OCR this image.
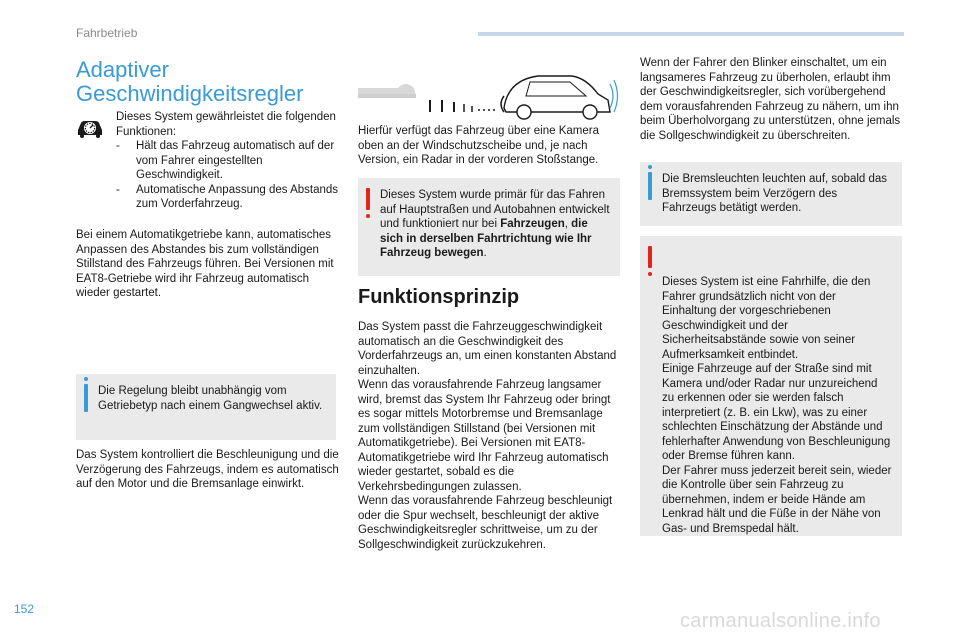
Fahrbetrieb
Adaptiver Geschwindigkeitsregler

Dieses System gewährleistet die folgenden Funktionen:

- Hält das Fahrzeug automatisch auf der vom Fahrer eingestellten Geschwindigkeit.
- Automatische Anpassung des Abstands zum Vorderfahrzeug.

Bei einem Automatikgetriebe kann, automatisches Anpassen des Abstandes bis zum vollständigen Stillstand des Fahrzeugs führen. Bei Versionen mit EAT8-Getriebe wird ihr Fahrzeug automatisch wieder gestartet.

Die Regelung bleibt unabhängig vom Getriebetyp nach einem Gangwechsel aktiv.

Das System kontrolliert die Beschleunigung und die Verzögerung des Fahrzeugs, indem es automatisch auf den Motor und die Bremsanlage einwirkt.

Hierfür verfügt das Fahrzeug über eine Kamera oben an der Windschutzscheibe und, je nach Version, ein Radar in der vorderen Stoßstange.

Dieses System wurde primär für das Fahren auf Hauptstraßen und Autobahnen entwickelt und funktioniert nur bei Fahrzeugen, die sich in derselben Fahrtrichtung wie Ihr Fahrzeug bewegen.
Funktionsprinzip

Das System passt die Fahrzeuggeschwindigkeit automatisch an die Geschwindigkeit des Vorderfahrzeugs an, um einen konstanten Abstand einzuhalten.
Wenn das vorausfahrende Fahrzeug langsamer wird, bremst das System Ihr Fahrzeug oder bringt es sogar mittels Motorbremse und Bremsanlage zum vollständigen Stillstand (bei Versionen mit Automatikgetriebe). Bei Versionen mit EAT8-Automatikgetriebe wird Ihr Fahrzeug automatisch wieder gestartet, sobald es die Verkehrsbedingungen zulassen.
Wenn das vorausfahrende Fahrzeug beschleunigt oder die Spur wechselt, beschleunigt der aktive Geschwindigkeitsregler schrittweise, um zu der Sollgeschwindigkeit zurückzukehren.

Wenn der Fahrer den Blinker einschaltet, um ein langsameres Fahrzeug zu überholen, erlaubt ihm der Geschwindigkeitsregler, sich vorübergehend dem vorausfahrenden Fahrzeug zu nähern, um ihn beim Überholvorgang zu unterstützen, ohne jemals die Sollgeschwindigkeit zu überschreiten.

Die Bremsleuchten leuchten auf, sobald das Bremssystem beim Verzögern des Fahrzeugs betätigt werden.

Dieses System ist eine Fahrhilfe, die den Fahrer grundsätzlich nicht von der Einhaltung der vorgeschriebenen Geschwindigkeit und der Sicherheitsabstände sowie von seiner Aufmerksamkeit entbindet.
Einige Fahrzeuge auf der Straße sind mit Kamera und/oder Radar nur unzureichend zu erkennen oder sie werden falsch interpretiert (z. B. ein Lkw), was zu einer schlechten Einschätzung der Abstände und fehlerhafter Anwendung von Beschleunigung oder Bremse führen kann.
Der Fahrer muss jederzeit bereit sein, wieder die Kontrolle über sein Fahrzeug zu übernehmen, indem er beide Hände am Lenkrad hält und die Füße in der Nähe von Gas- und Bremspedal hält.

152
carmanualsonline.info
